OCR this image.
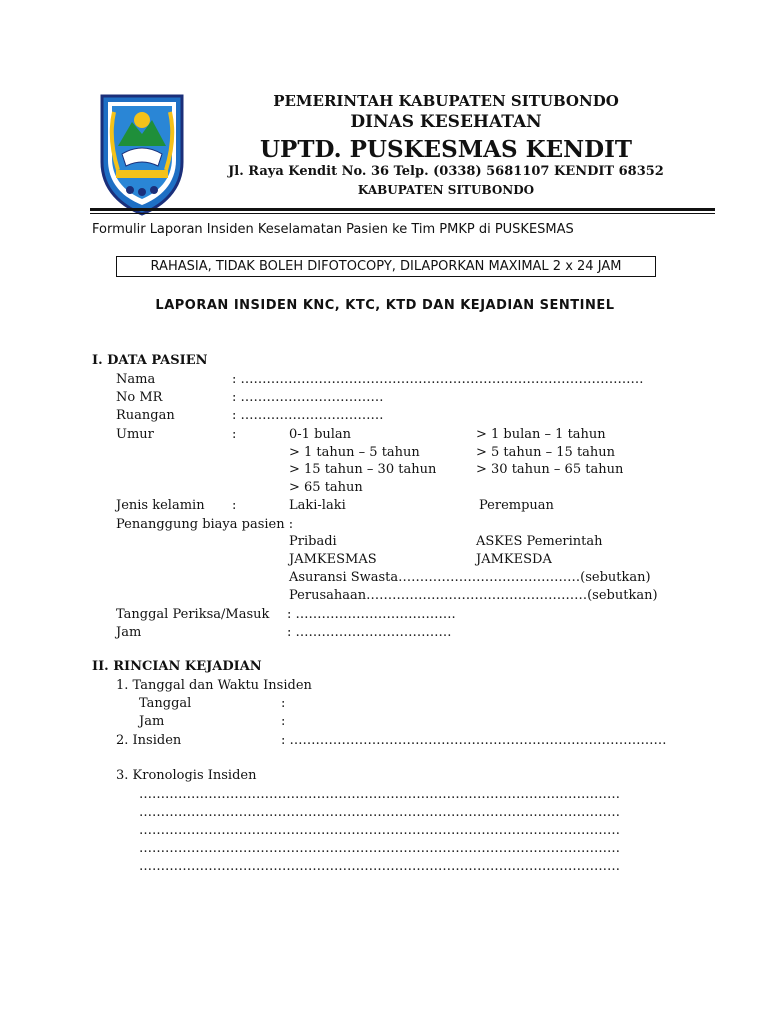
PEMERINTAH KABUPATEN SITUBONDO
DINAS KESEHATAN
UPTD. PUSKESMAS KENDIT
Jl. Raya Kendit No. 36 Telp. (0338) 5681107 KENDIT 68352
KABUPATEN SITUBONDO
Formulir Laporan Insiden Keselamatan Pasien ke Tim PMKP di PUSKESMAS
RAHASIA, TIDAK BOLEH DIFOTOCOPY, DILAPORKAN MAXIMAL 2 x 24 JAM
LAPORAN INSIDEN KNC, KTC, KTD DAN KEJADIAN SENTINEL
I. DATA PASIEN
Nama	: …………………………………………………………………………………
No MR	: ……………………………
Ruangan	: ……………………………
Umur	:	0-1 bulan	> 1 bulan – 1 tahun
> 1 tahun – 5 tahun	> 5 tahun – 15 tahun
> 15 tahun – 30 tahun	> 30 tahun – 65 tahun
> 65 tahun
Jenis kelamin :	Laki-laki	Perempuan
Penanggung biaya pasien :
Pribadi	ASKES Pemerintah
JAMKESMAS	JAMKESDA
Asuransi Swasta……………………………………(sebutkan)
Perusahaan……………………………………………(sebutkan)
Tanggal Periksa/Masuk : ……………………………….
Jam	: ………………………………
II. RINCIAN KEJADIAN
1. Tanggal dan Waktu Insiden
Tanggal	:
Jam	:
2. Insiden	: ……………………………………………………………………………
3. Kronologis Insiden
…………………………………………………………………………………………………
…………………………………………………………………………………………………
…………………………………………………………………………………………………
…………………………………………………………………………………………………
…………………………………………………………………………………………………
